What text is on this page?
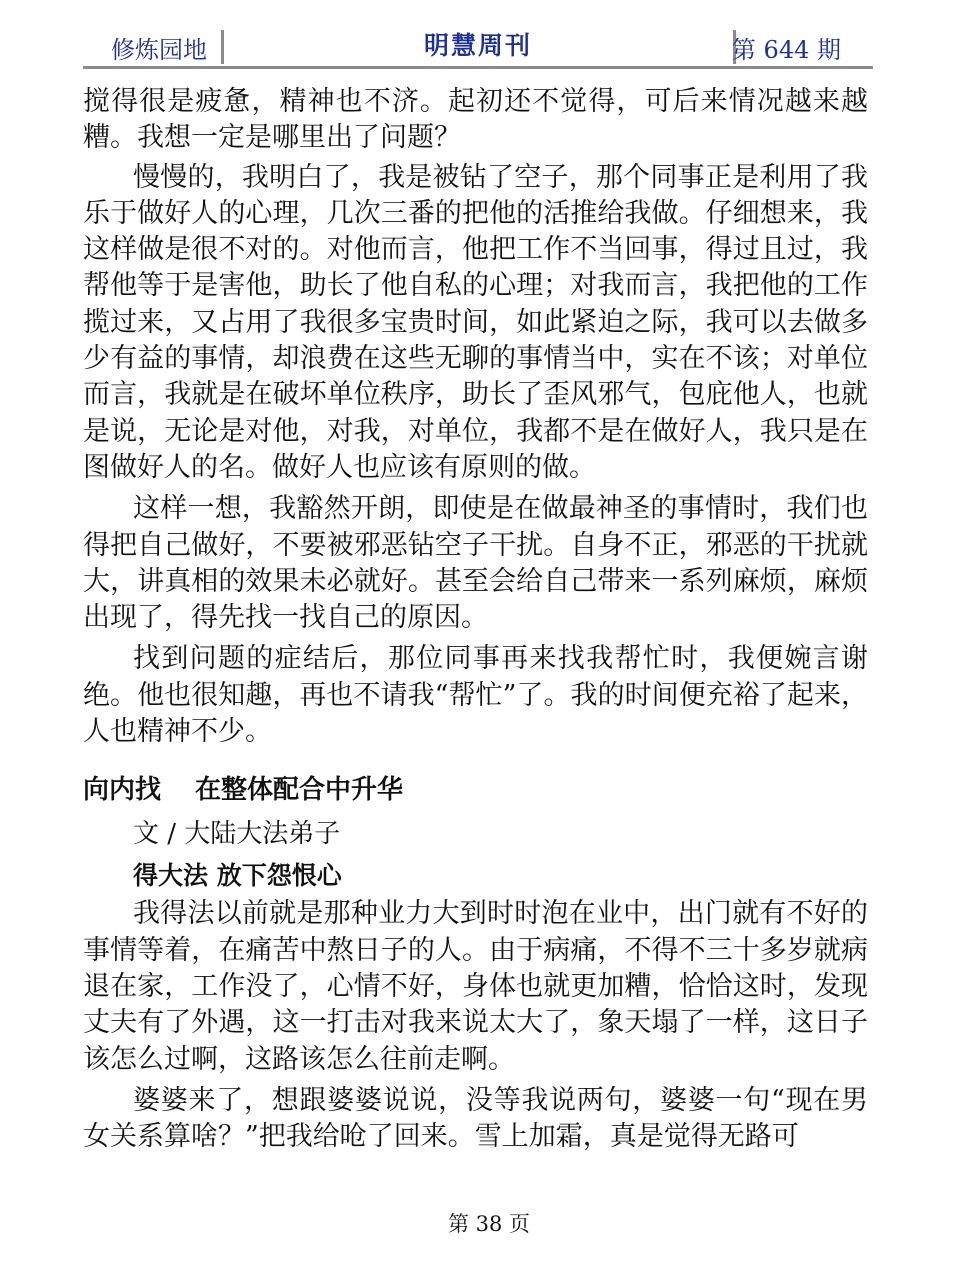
修炼园地	明慧周刊	第 644 期

搅得很是疲惫，精神也不济。起初还不觉得，可后来情况越来越糟。我想一定是哪里出了问题？

慢慢的，我明白了，我是被钻了空子，那个同事正是利用了我乐于做好人的心理，几次三番的把他的活推给我做。仔细想来，我这样做是很不对的。对他而言，他把工作不当回事，得过且过，我帮他等于是害他，助长了他自私的心理；对我而言，我把他的工作揽过来，又占用了我很多宝贵时间，如此紧迫之际，我可以去做多少有益的事情，却浪费在这些无聊的事情当中，实在不该；对单位而言，我就是在破坏单位秩序，助长了歪风邪气，包庇他人，也就是说，无论是对他，对我，对单位，我都不是在做好人，我只是在图做好人的名。做好人也应该有原则的做。

这样一想，我豁然开朗，即使是在做最神圣的事情时，我们也得把自己做好，不要被邪恶钻空子干扰。自身不正，邪恶的干扰就大，讲真相的效果未必就好。甚至会给自己带来一系列麻烦，麻烦出现了，得先找一找自己的原因。

找到问题的症结后，那位同事再来找我帮忙时，我便婉言谢绝。他也很知趣，再也不请我“帮忙”了。我的时间便充裕了起来，人也精神不少。

向内找 在整体配合中升华
文 / 大陆大法弟子
得大法 放下怨恨心

我得法以前就是那种业力大到时时泡在业中，出门就有不好的事情等着，在痛苦中熬日子的人。由于病痛，不得不三十多岁就病退在家，工作没了，心情不好，身体也就更加糟，恰恰这时，发现丈夫有了外遇，这一打击对我来说太大了，象天塌了一样，这日子该怎么过啊，这路该怎么往前走啊。

婆婆来了，想跟婆婆说说，没等我说两句，婆婆一句“现在男女关系算啥？”把我给呛了回来。雪上加霜，真是觉得无路可

第 38 页
